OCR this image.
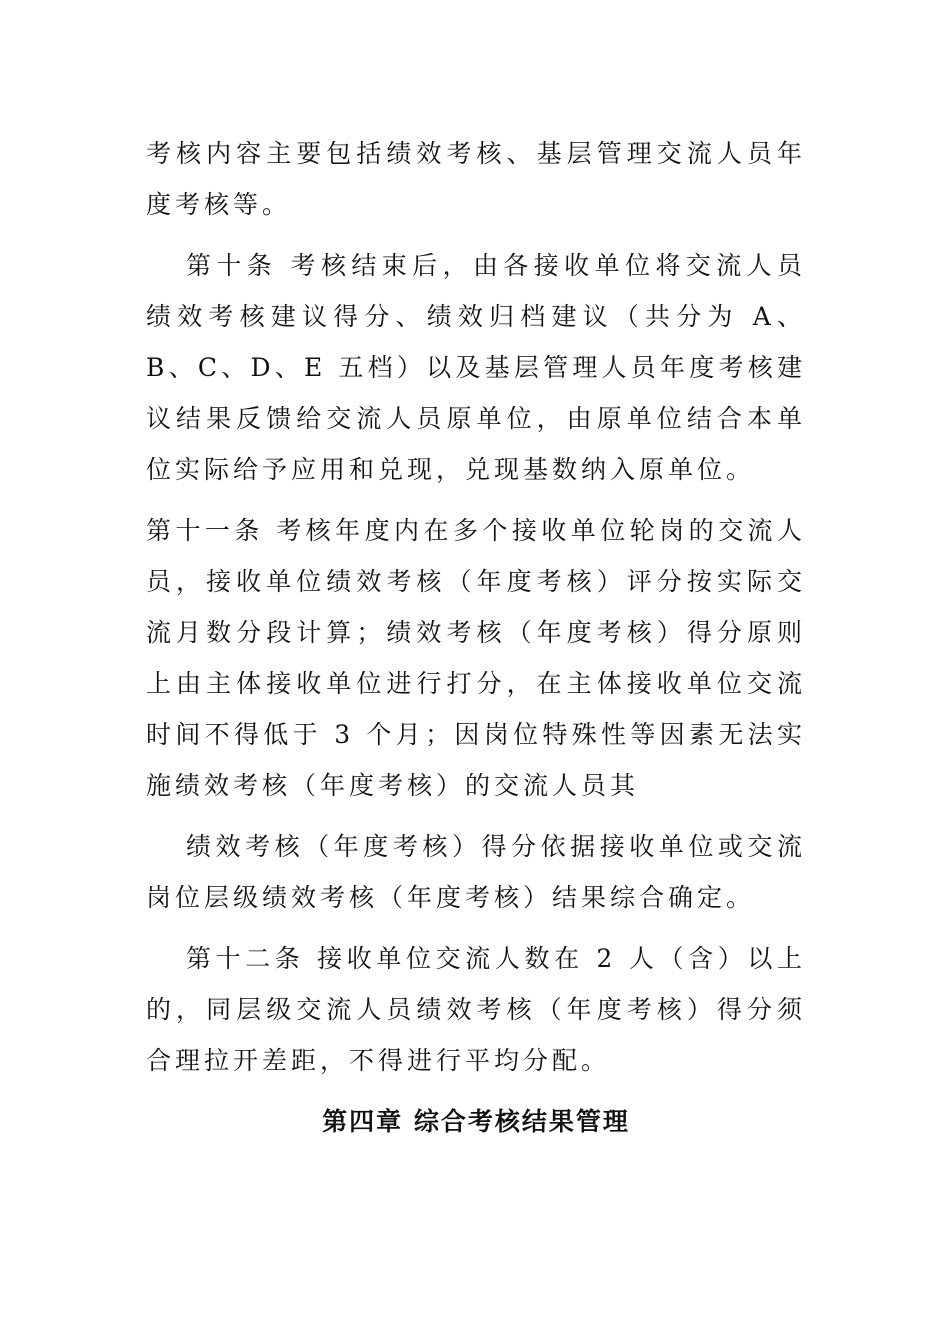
考核内容主要包括绩效考核、基层管理交流人员年度考核等。

第十条 考核结束后，由各接收单位将交流人员绩效考核建议得分、绩效归档建议（共分为 A、B、C、D、E 五档）以及基层管理人员年度考核建议结果反馈给交流人员原单位，由原单位结合本单位实际给予应用和兑现，兑现基数纳入原单位。

第十一条 考核年度内在多个接收单位轮岗的交流人员，接收单位绩效考核（年度考核）评分按实际交流月数分段计算；绩效考核（年度考核）得分原则上由主体接收单位进行打分，在主体接收单位交流时间不得低于 3 个月；因岗位特殊性等因素无法实施绩效考核（年度考核）的交流人员其

绩效考核（年度考核）得分依据接收单位或交流岗位层级绩效考核（年度考核）结果综合确定。

第十二条 接收单位交流人数在 2 人（含）以上的，同层级交流人员绩效考核（年度考核）得分须合理拉开差距，不得进行平均分配。

第四章 综合考核结果管理
